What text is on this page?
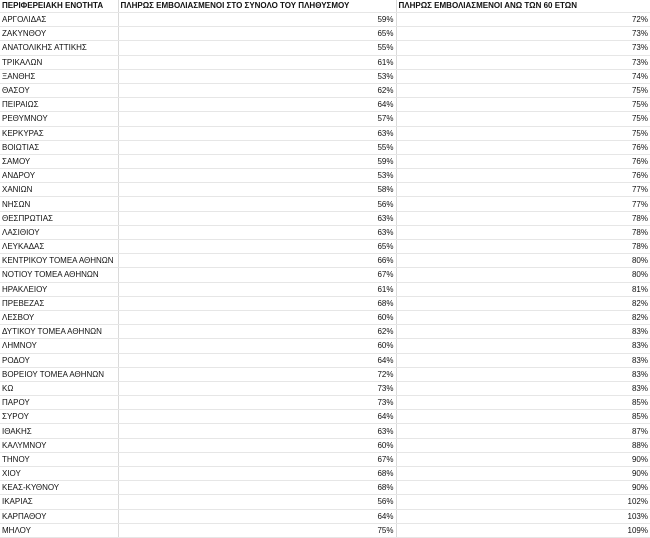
ΠΕΡΙΦΕΡΕΙΑΚΗ ΕΝΟΤΗΤΑ	ΠΛΗΡΩΣ ΕΜΒΟΛΙΑΣΜΕΝΟΙ ΣΤΟ ΣΥΝΟΛΟ ΤΟΥ ΠΛΗΘΥΣΜΟΥ	ΠΛΗΡΩΣ ΕΜΒΟΛΙΑΣΜΕΝΟΙ ΑΝΩ ΤΩΝ 60 ΕΤΩΝ
ΑΡΓΟΛΙΔΑΣ	59%	72%
ΖΑΚΥΝΘΟΥ	65%	73%
ΑΝΑΤΟΛΙΚΗΣ ΑΤΤΙΚΗΣ	55%	73%
ΤΡΙΚΑΛΩΝ	61%	73%
ΞΑΝΘΗΣ	53%	74%
ΘΑΣΟΥ	62%	75%
ΠΕΙΡΑΙΩΣ	64%	75%
ΡΕΘΥΜΝΟΥ	57%	75%
ΚΕΡΚΥΡΑΣ	63%	75%
ΒΟΙΩΤΙΑΣ	55%	76%
ΣΑΜΟΥ	59%	76%
ΑΝΔΡΟΥ	53%	76%
ΧΑΝΙΩΝ	58%	77%
ΝΗΣΩΝ	56%	77%
ΘΕΣΠΡΩΤΙΑΣ	63%	78%
ΛΑΣΙΘΙΟΥ	63%	78%
ΛΕΥΚΑΔΑΣ	65%	78%
ΚΕΝΤΡΙΚΟΥ ΤΟΜΕΑ ΑΘΗΝΩΝ	66%	80%
ΝΟΤΙΟΥ ΤΟΜΕΑ ΑΘΗΝΩΝ	67%	80%
ΗΡΑΚΛΕΙΟΥ	61%	81%
ΠΡΕΒΕΖΑΣ	68%	82%
ΛΕΣΒΟΥ	60%	82%
ΔΥΤΙΚΟΥ ΤΟΜΕΑ ΑΘΗΝΩΝ	62%	83%
ΛΗΜΝΟΥ	60%	83%
ΡΟΔΟΥ	64%	83%
ΒΟΡΕΙΟΥ ΤΟΜΕΑ ΑΘΗΝΩΝ	72%	83%
ΚΩ	73%	83%
ΠΑΡΟΥ	73%	85%
ΣΥΡΟΥ	64%	85%
ΙΘΑΚΗΣ	63%	87%
ΚΑΛΥΜΝΟΥ	60%	88%
ΤΗΝΟΥ	67%	90%
ΧΙΟΥ	68%	90%
ΚΕΑΣ-ΚΥΘΝΟΥ	68%	90%
ΙΚΑΡΙΑΣ	56%	102%
ΚΑΡΠΑΘΟΥ	64%	103%
ΜΗΛΟΥ	75%	109%
